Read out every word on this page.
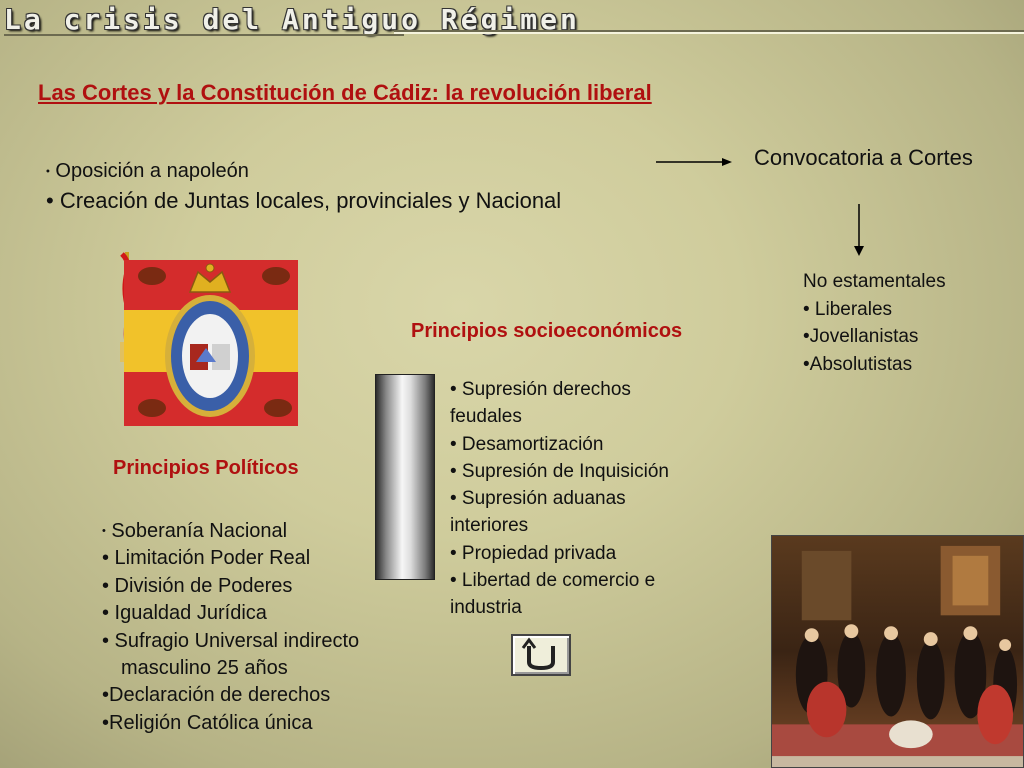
La crisis del Antiguo Régimen
Las Cortes y la Constitución de Cádiz: la revolución liberal
• Oposición a napoleón
• Creación de Juntas locales, provinciales y Nacional
Convocatoria a Cortes
No estamentales
• Liberales
•Jovellanistas
•Absolutistas
Principios socioeconómicos
• Supresión derechos
feudales
• Desamortización
• Supresión de Inquisición
• Supresión aduanas
interiores
• Propiedad privada
• Libertad de comercio e
industria
Principios Políticos
• Soberanía Nacional
• Limitación Poder Real
• División de Poderes
• Igualdad Jurídica
• Sufragio Universal indirecto
masculino 25 años
•Declaración de derechos
•Religión Católica única
